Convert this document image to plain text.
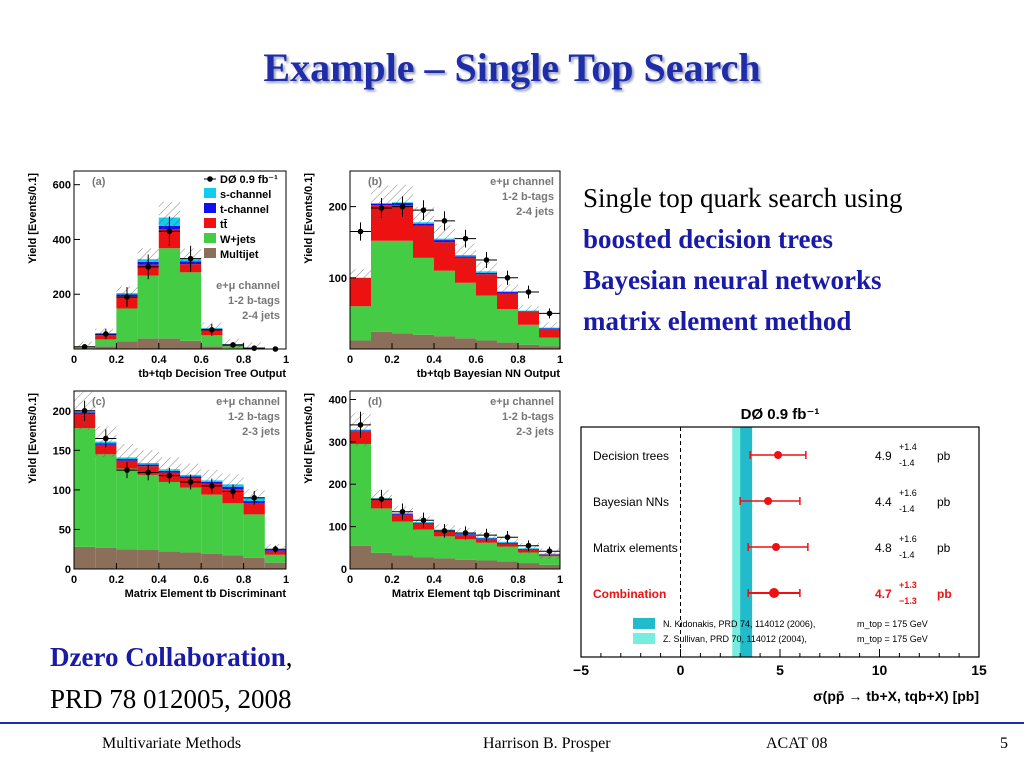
Example – Single Top Search
0	0.2 0.4 0.6 0.8	1
200
400
600
tb+tqb Decision Tree Output
Yield [Events/0.1]	(a)
e+μ channel
1-2 b-tags
2-4 jets
DØ 0.9 fb⁻¹
s-channel
t-channel
tt̄
W+jets
Multijet
0	0.2 0.4 0.6 0.8	1
100
200
tb+tqb Bayesian NN Output
Yield [Events/0.1]	(b)	e+μ channel
1-2 b-tags
2-4 jets
0	0.2 0.4 0.6 0.8	1
0
50
100
150
200
Matrix Element tb Discriminant
Yield [Events/0.1]	(c)	e+μ channel
1-2 b-tags
2-3 jets
0	0.2 0.4 0.6 0.8	1
0
100
200
300
400
Matrix Element tqb Discriminant
Yield [Events/0.1]	(d)	e+μ channel
1-2 b-tags
2-3 jets
Single top quark search using
boosted decision trees
Bayesian neural networks
matrix element method
DØ 0.9 fb⁻¹
Decision trees	4.9
+1.4
-1.4 pb
Bayesian NNs	4.4
+1.6
-1.4 pb
Matrix elements	4.8
+1.6
-1.4 pb
Combination	4.7
+1.3
−1.3 pb
N. Kidonakis, PRD 74, 114012 (2006),	m_top = 175 GeV
Z. Sullivan, PRD 70, 114012 (2004),	m_top = 175 GeV
−5	0	5	10	15
σ(pp̄ → tb+X, tqb+X) [pb]
Dzero Collaboration,
PRD 78 012005, 2008
Multivariate Methods	Harrison B. Prosper	ACAT 08	5
